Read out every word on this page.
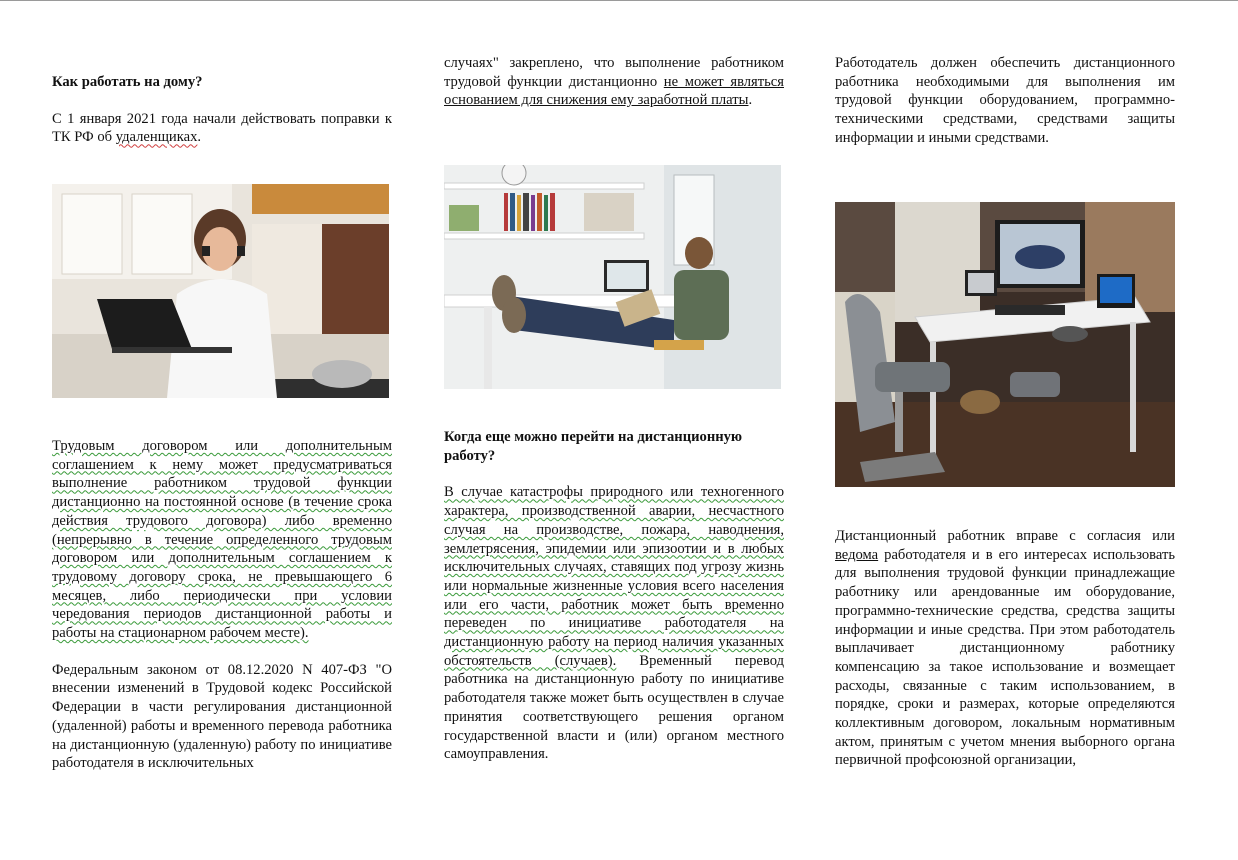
Как работать на дому?

С 1 января 2021 года начали действовать поправки к ТК РФ об удаленщиках.

Трудовым договором или дополнительным соглашением к нему может предусматриваться выполнение работником трудовой функции дистанционно на постоянной основе (в течение срока действия трудового договора) либо временно (непрерывно в течение определенного трудовым договором или дополнительным соглашением к трудовому договору срока, не превышающего 6 месяцев, либо периодически при условии чередования периодов дистанционной работы и работы на стационарном рабочем месте).

Федеральным законом от 08.12.2020 N 407-ФЗ "О внесении изменений в Трудовой кодекс Российской Федерации в части регулирования дистанционной (удаленной) работы и временного перевода работника на дистанционную (удаленную) работу по инициативе работодателя в исключительных

случаях" закреплено, что выполнение работником трудовой функции дистанционно не может являться основанием для снижения ему заработной платы.

Когда еще можно перейти на дистанционную работу?

В случае катастрофы природного или техногенного характера, производственной аварии, несчастного случая на производстве, пожара, наводнения, землетрясения, эпидемии или эпизоотии и в любых исключительных случаях, ставящих под угрозу жизнь или нормальные жизненные условия всего населения или его части, работник может быть временно переведен по инициативе работодателя на дистанционную работу на период наличия указанных обстоятельств (случаев). Временный перевод работника на дистанционную работу по инициативе работодателя также может быть осуществлен в случае принятия соответствующего решения органом государственной власти и (или) органом местного самоуправления.

Работодатель должен обеспечить дистанционного работника необходимыми для выполнения им трудовой функции оборудованием, программно-техническими средствами, средствами защиты информации и иными средствами.

Дистанционный работник вправе с согласия или ведома работодателя и в его интересах использовать для выполнения трудовой функции принадлежащие работнику или арендованные им оборудование, программно-технические средства, средства защиты информации и иные средства. При этом работодатель выплачивает дистанционному работнику компенсацию за такое использование и возмещает расходы, связанные с таким использованием, в порядке, сроки и размерах, которые определяются коллективным договором, локальным нормативным актом, принятым с учетом мнения выборного органа первичной профсоюзной организации,
